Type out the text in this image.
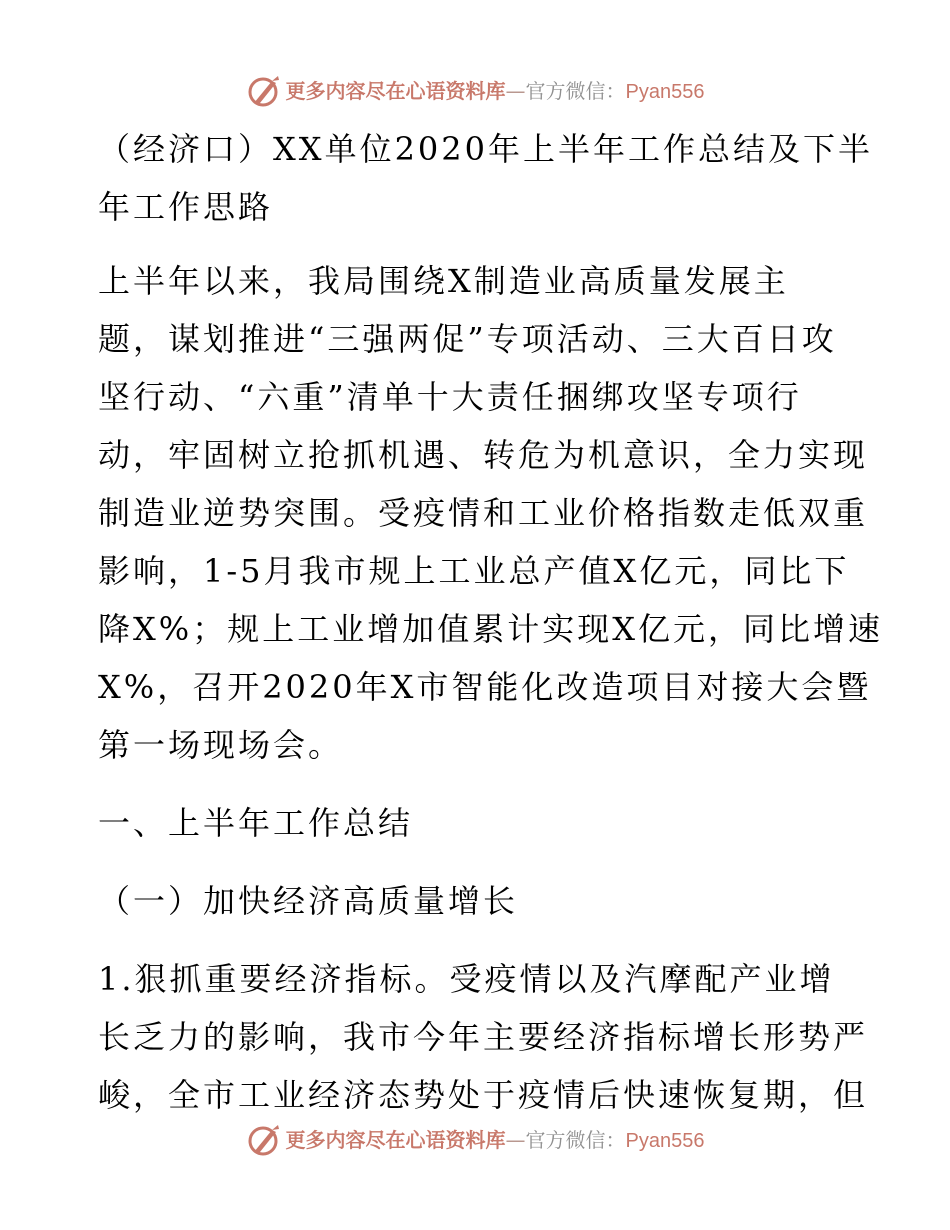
更多内容尽在心语资料库—官方微信：Pyan556
（经济口）XX单位2020年上半年工作总结及下半
年工作思路
上半年以来，我局围绕X制造业高质量发展主
题，谋划推进“三强两促”专项活动、三大百日攻
坚行动、“六重”清单十大责任捆绑攻坚专项行
动，牢固树立抢抓机遇、转危为机意识，全力实现
制造业逆势突围。受疫情和工业价格指数走低双重
影响，1-5月我市规上工业总产值X亿元，同比下
降X%；规上工业增加值累计实现X亿元，同比增速
X%，召开2020年X市智能化改造项目对接大会暨
第一场现场会。
一、上半年工作总结
（一）加快经济高质量增长
1.狠抓重要经济指标。受疫情以及汽摩配产业增
长乏力的影响，我市今年主要经济指标增长形势严
峻，全市工业经济态势处于疫情后快速恢复期，但
更多内容尽在心语资料库—官方微信：Pyan556
